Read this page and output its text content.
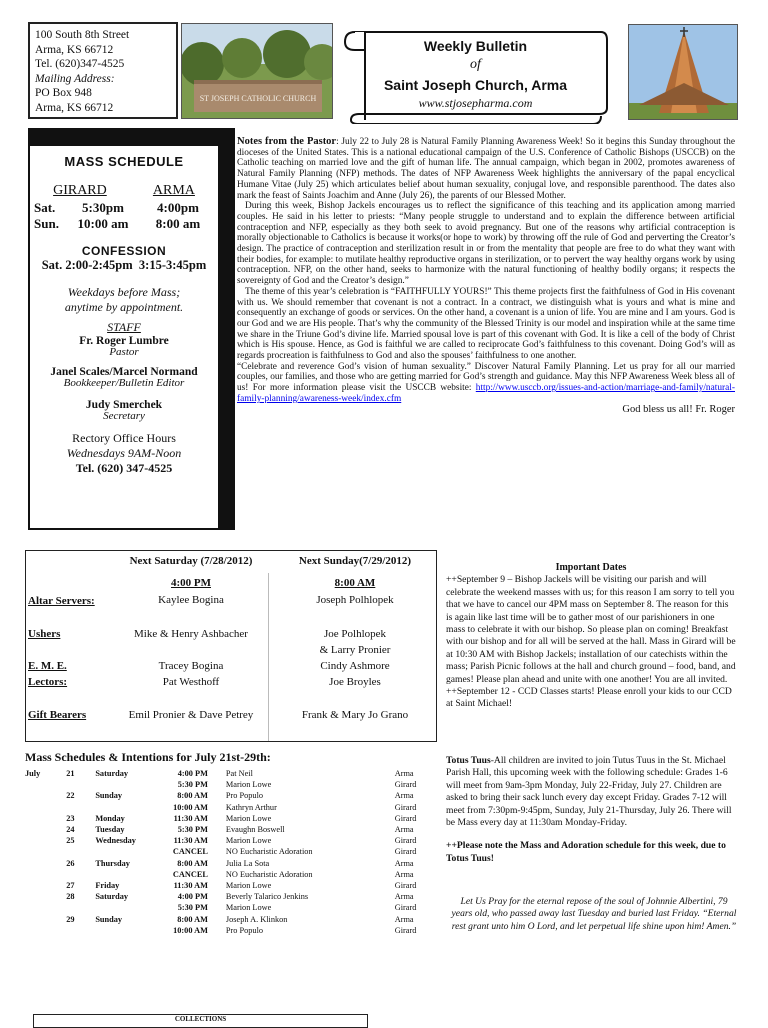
100 South 8th Street
Arma, KS 66712
Tel. (620)347-4525
Mailing Address:
PO Box 948
Arma, KS 66712
ST JOSEPH CATHOLIC CHURCH
Weekly Bulletin
of
Saint Joseph Church, Arma
www.stjosepharma.com
MASS SCHEDULE
GIRARD	ARMA
Sat.	5:30pm	4:00pm
Sun.	10:00 am	8:00 am
CONFESSION
Sat. 2:00-2:45pm  3:15-3:45pm
Weekdays before Mass;
anytime by appointment.
STAFF
Fr. Roger Lumbre
Pastor
Janel Scales/Marcel Normand
Bookkeeper/Bulletin Editor
Judy Smerchek
Secretary
Rectory Office Hours
Wednesdays 9AM-Noon
Tel. (620) 347-4525

Notes from the Pastor: July 22 to July 28 is Natural Family Planning Awareness Week! So it begins this Sunday throughout the dioceses of the United States. This is a national educational campaign of the U.S. Conference of Catholic Bishops (USCCB) on the Catholic teaching on married love and the gift of human life. The annual campaign, which began in 2002, promotes awareness of Natural Family Planning (NFP) methods. The dates of NFP Awareness Week highlights the anniversary of the papal encyclical Humane Vitae (July 25) which articulates belief about human sexuality, conjugal love, and responsible parenthood. The dates also mark the feast of Saints Joachim and Anne (July 26), the parents of our Blessed Mother.

During this week, Bishop Jackels encourages us to reflect the significance of this teaching and its application among married couples. He said in his letter to priests: “Many people struggle to understand and to explain the difference between artificial contraception and NFP, especially as they both seek to avoid pregnancy. But one of the reasons why artificial contraception is morally objectionable to Catholics is because it works(or hope to work) by throwing off the rule of God and perverting the Creator’s design. The practice of contraception and sterilization result in or from the mentality that people are free to do what they want with their bodies, for example: to mutilate healthy reproductive organs in sterilization, or to pervert the way healthy organs work by using contraception. NFP, on the other hand, seeks to harmonize with the natural functioning of healthy bodily organs; it respects the sovereignty of God and the Creator’s design.”

The theme of this year’s celebration is “FAITHFULLY YOURS!” This theme projects first the faithfulness of God in His covenant with us. We should remember that covenant is not a contract. In a contract, we distinguish what is yours and what is mine and consequently an exchange of goods or services. On the other hand, a covenant is a union of life. You are mine and I am yours. God is our God and we are His people. That’s why the community of the Blessed Trinity is our model and inspiration while at the same time we share in the Triune God’s divine life. Married spousal love is part of this covenant with God. It is like a cell of the body of Christ which is His spouse. Hence, as God is faithful we are called to reciprocate God’s faithfulness to this covenant. Doing God’s will as regards procreation is faithfulness to God and also the spouses’ faithfulness to one another.

“Celebrate and reverence God’s vision of human sexuality.” Discover Natural Family Planning. Let us pray for all our married couples, our families, and those who are getting married for God’s strength and guidance. May this NFP Awareness Week bless all of us! For more information please visit the USCCB website: http://www.usccb.org/issues-and-action/marriage-and-family/natural-family-planning/awareness-week/index.cfm

God bless us all! Fr. Roger

Next Saturday (7/28/2012)	Next Sunday(7/29/2012)
4:00 PM	8:00 AM
Altar Servers:	Kaylee Bogina	Joseph Polhlopek
Ushers	Mike & Henry Ashbacher	Joe Polhlopek
& Larry Pronier
E. M. E.	Tracey Bogina	Cindy Ashmore
Lectors:	Pat Westhoff	Joe Broyles
Gift Bearers	Emil Pronier & Dave Petrey	Frank & Mary Jo Grano
Mass Schedules & Intentions for July 21st-29th:
July	21	Saturday	4:00 PM	Pat Neil	Arma
			5:30 PM	Marion Lowe	Girard
	22	Sunday	8:00 AM	Pro Populo	Arma
			10:00 AM	Kathryn Arthur	Girard
	23	Monday	11:30 AM	Marion Lowe	Girard
	24	Tuesday	5:30 PM	Evaughn Boswell	Arma
	25	Wednesday	11:30 AM	Marion Lowe	Girard
			CANCEL	NO Eucharistic Adoration	Girard
	26	Thursday	8:00 AM	Julia La Sota	Arma
			CANCEL	NO Eucharistic Adoration	Arma
	27	Friday	11:30 AM	Marion Lowe	Girard
	28	Saturday	4:00 PM	Beverly Talarico Jenkins	Arma
			5:30 PM	Marion Lowe	Girard
	29	Sunday	8:00 AM	Joseph A. Klinkon	Arma
			10:00 AM	Pro Populo	Girard
Important Dates
++September 9 – Bishop Jackels will be visiting our parish and will celebrate the weekend masses with us; for this reason I am sorry to tell you that we have to cancel our 4PM mass on September 8. The reason for this is again like last time will be to gather most of our parishioners in one mass to celebrate it with our bishop. So please plan on coming! Breakfast with our bishop and for all will be served at the hall. Mass in Girard will be at 10:30 AM with Bishop Jackels; installation of our catechists within the mass; Parish Picnic follows at the hall and church ground – food, band, and games! Please plan ahead and unite with one another! You are all invited.
++September 12 - CCD Classes starts! Please enroll your kids to our CCD at Saint Michael!
Totus Tuus-All children are invited to join Tutus Tuus in the St. Michael Parish Hall, this upcoming week with the following schedule: Grades 1-6 will meet from 9am-3pm Monday, July 22-Friday, July 27. Children are asked to bring their sack lunch every day except Friday. Grades 7-12 will meet from 7:30pm-9:45pm, Sunday, July 21-Thursday, July 26. There will be Mass every day at 11:30am Monday-Friday.
++Please note the Mass and Adoration schedule for this week, due to Totus Tuus!
Let Us Pray for the eternal repose of the soul of Johnnie Albertini, 79 years old, who passed away last Tuesday and buried last Friday. “Eternal rest grant unto him O Lord, and let perpetual life shine upon him! Amen.”
COLLECTIONS
